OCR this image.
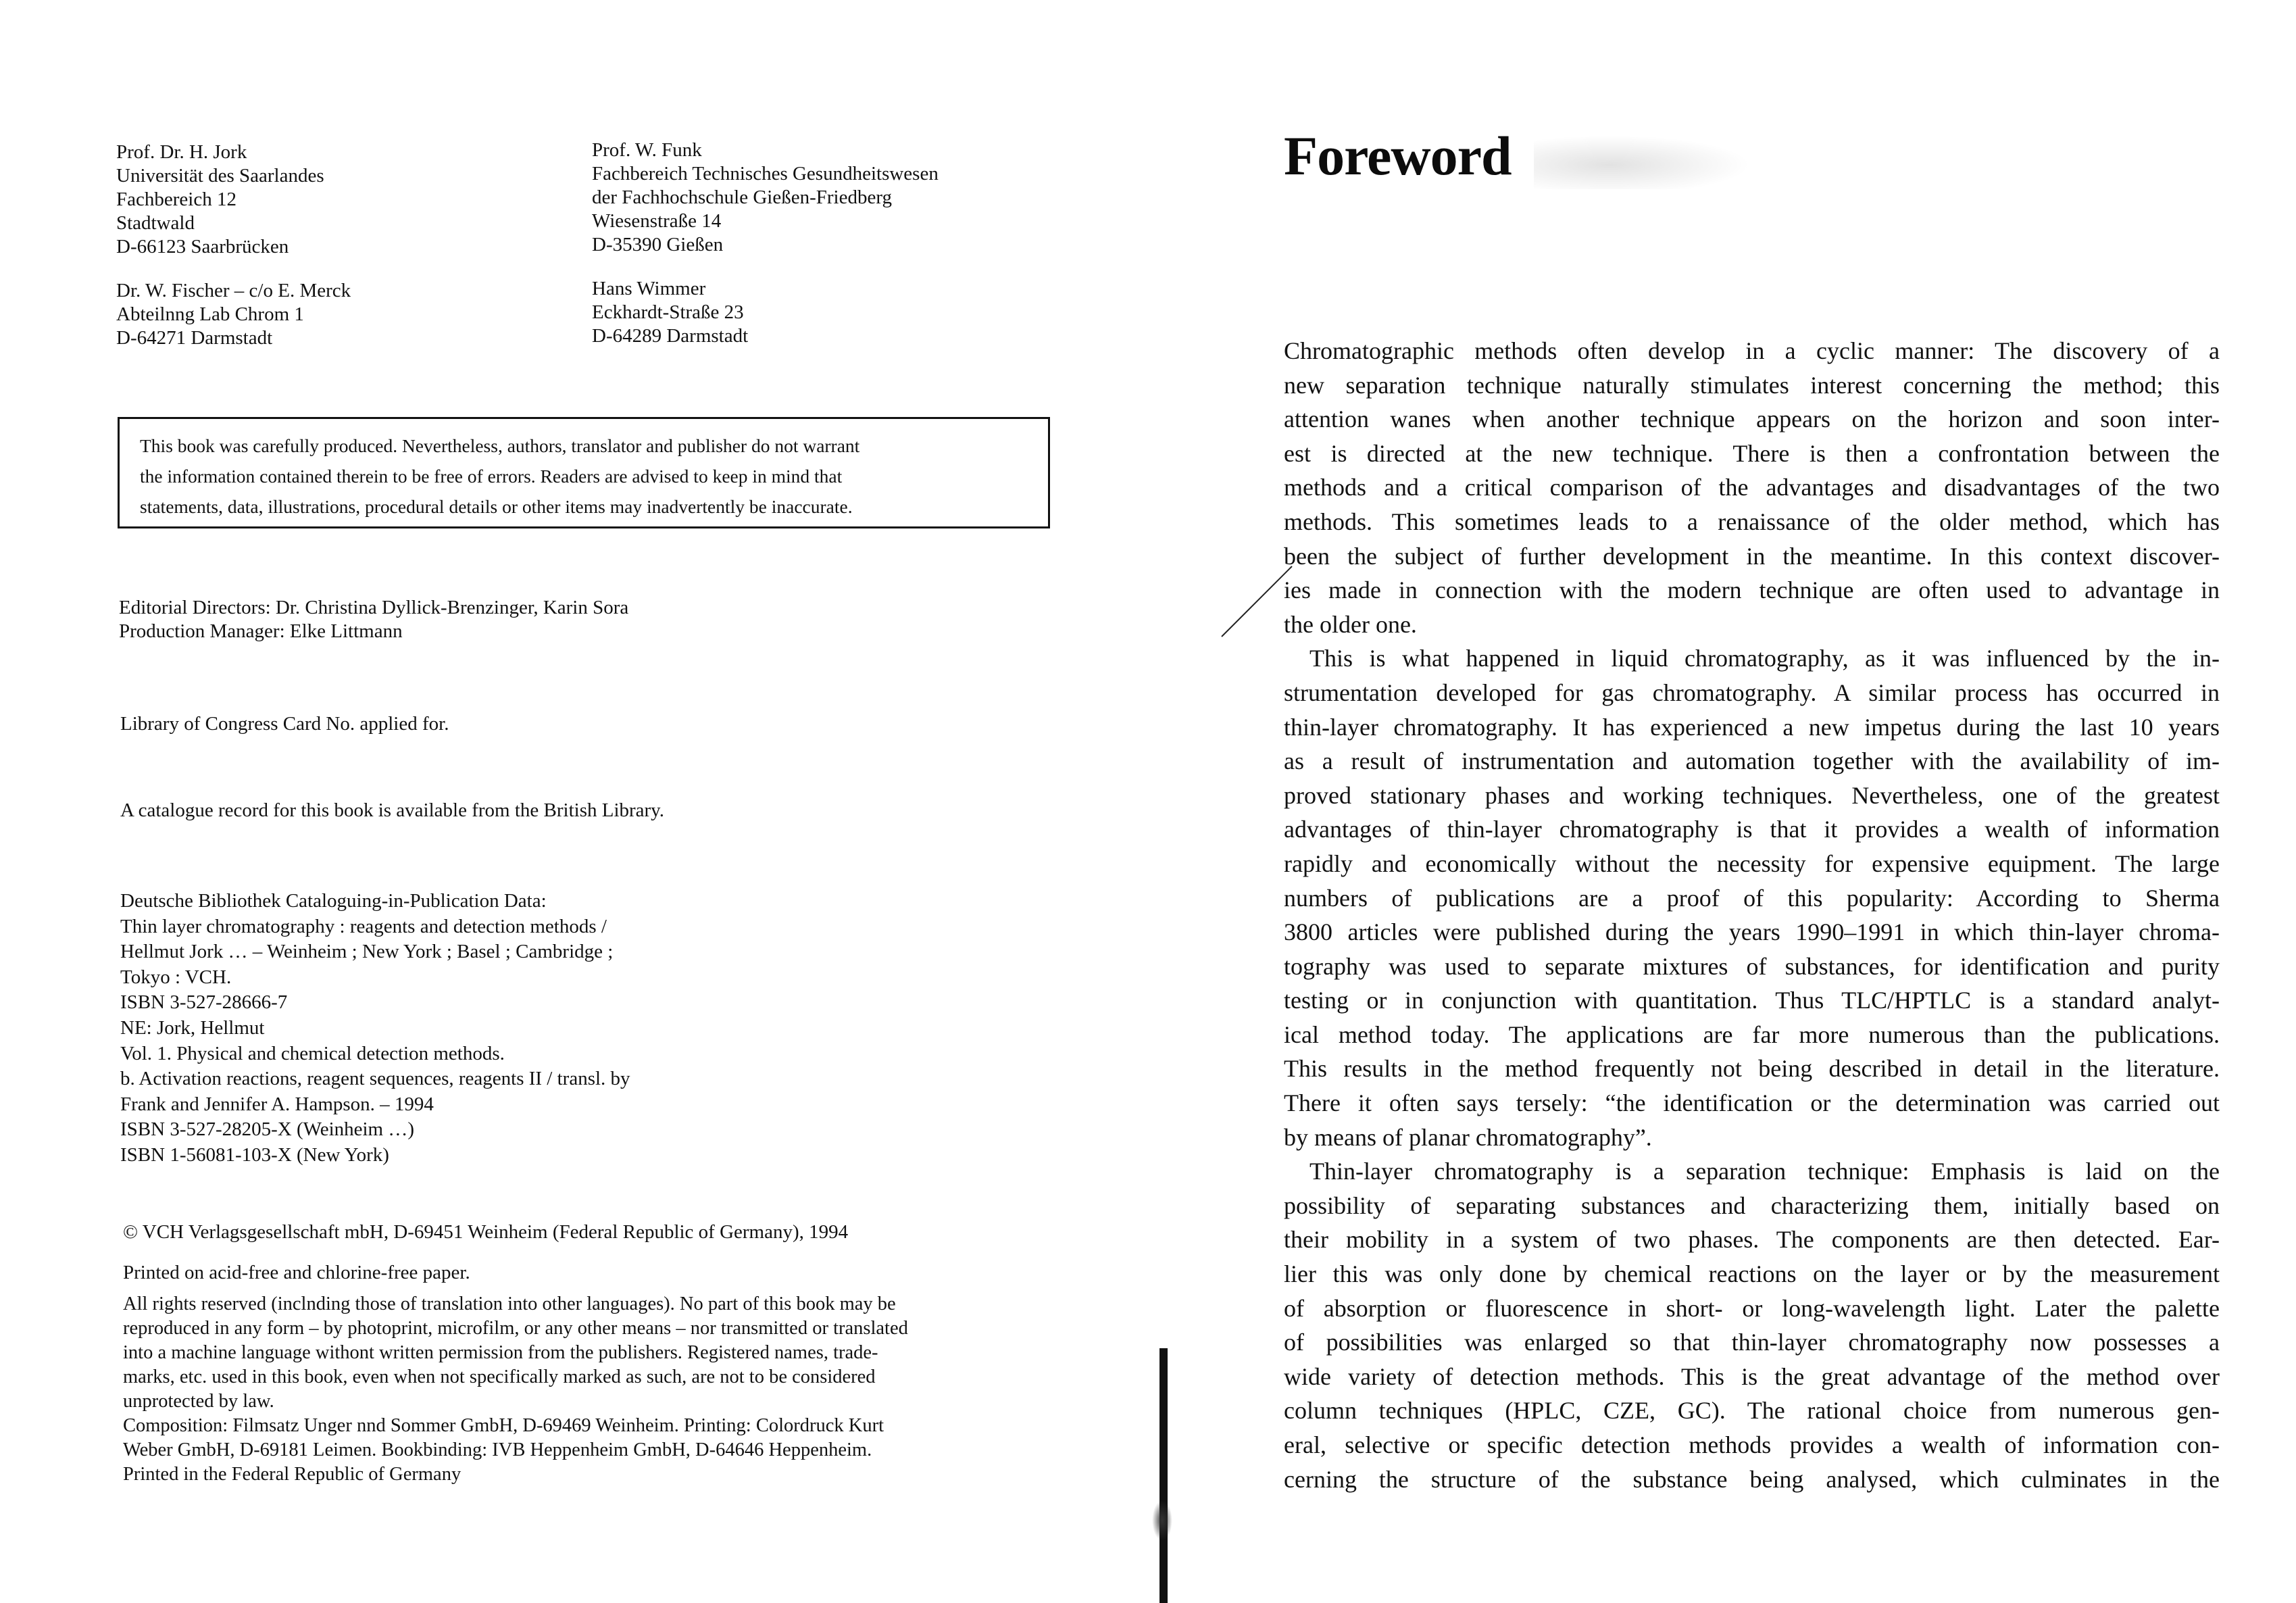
Prof. Dr. H. Jork
Universität des Saarlandes
Fachbereich 12
Stadtwald
D-66123 Saarbrücken
Dr. W. Fischer – c/o E. Merck
Abteilnng Lab Chrom 1
D-64271 Darmstadt
Prof. W. Funk
Fachbereich Technisches Gesundheitswesen
der Fachhochschule Gießen-Friedberg
Wiesenstraße 14
D-35390 Gießen
Hans Wimmer
Eckhardt-Straße 23
D-64289 Darmstadt
This book was carefully produced. Nevertheless, authors, translator and publisher do not warrant
the information contained therein to be free of errors. Readers are advised to keep in mind that
statements, data, illustrations, procedural details or other items may inadvertently be inaccurate.
Editorial Directors: Dr. Christina Dyllick-Brenzinger, Karin Sora
Production Manager: Elke Littmann
Library of Congress Card No. applied for.
A catalogue record for this book is available from the British Library.
Deutsche Bibliothek Cataloguing-in-Publication Data:
Thin layer chromatography : reagents and detection methods /
Hellmut Jork … – Weinheim ; New York ; Basel ; Cambridge ;
Tokyo : VCH.
ISBN 3-527-28666-7
NE: Jork, Hellmut
Vol. 1. Physical and chemical detection methods.
b. Activation reactions, reagent sequences, reagents II / transl. by
Frank and Jennifer A. Hampson. – 1994
ISBN 3-527-28205-X (Weinheim …)
ISBN 1-56081-103-X (New York)
© VCH Verlagsgesellschaft mbH, D-69451 Weinheim (Federal Republic of Germany), 1994
Printed on acid-free and chlorine-free paper.
All rights reserved (inclnding those of translation into other languages). No part of this book may be
reproduced in any form – by photoprint, microfilm, or any other means – nor transmitted or translated
into a machine language withont written permission from the publishers. Registered names, trade-
marks, etc. used in this book, even when not specifically marked as such, are not to be considered
unprotected by law.
Composition: Filmsatz Unger nnd Sommer GmbH, D-69469 Weinheim. Printing: Colordruck Kurt
Weber GmbH, D-69181 Leimen. Bookbinding: IVB Heppenheim GmbH, D-64646 Heppenheim.
Printed in the Federal Republic of Germany
Foreword
Chromatographic methods often develop in a cyclic manner: The discovery of a
new separation technique naturally stimulates interest concerning the method; this
attention wanes when another technique appears on the horizon and soon inter-
est is directed at the new technique. There is then a confrontation between the
methods and a critical comparison of the advantages and disadvantages of the two
methods. This sometimes leads to a renaissance of the older method, which has
been the subject of further development in the meantime. In this context discover-
ies made in connection with the modern technique are often used to advantage in
the older one.
This is what happened in liquid chromatography, as it was influenced by the in-
strumentation developed for gas chromatography. A similar process has occurred in
thin-layer chromatography. It has experienced a new impetus during the last 10 years
as a result of instrumentation and automation together with the availability of im-
proved stationary phases and working techniques. Nevertheless, one of the greatest
advantages of thin-layer chromatography is that it provides a wealth of information
rapidly and economically without the necessity for expensive equipment. The large
numbers of publications are a proof of this popularity: According to Sherma
3800 articles were published during the years 1990–1991 in which thin-layer chroma-
tography was used to separate mixtures of substances, for identification and purity
testing or in conjunction with quantitation. Thus TLC/HPTLC is a standard analyt-
ical method today. The applications are far more numerous than the publications.
This results in the method frequently not being described in detail in the literature.
There it often says tersely: “the identification or the determination was carried out
by means of planar chromatography”.
Thin-layer chromatography is a separation technique: Emphasis is laid on the
possibility of separating substances and characterizing them, initially based on
their mobility in a system of two phases. The components are then detected. Ear-
lier this was only done by chemical reactions on the layer or by the measurement
of absorption or fluorescence in short- or long-wavelength light. Later the palette
of possibilities was enlarged so that thin-layer chromatography now possesses a
wide variety of detection methods. This is the great advantage of the method over
column techniques (HPLC, CZE, GC). The rational choice from numerous gen-
eral, selective or specific detection methods provides a wealth of information con-
cerning the structure of the substance being analysed, which culminates in the
